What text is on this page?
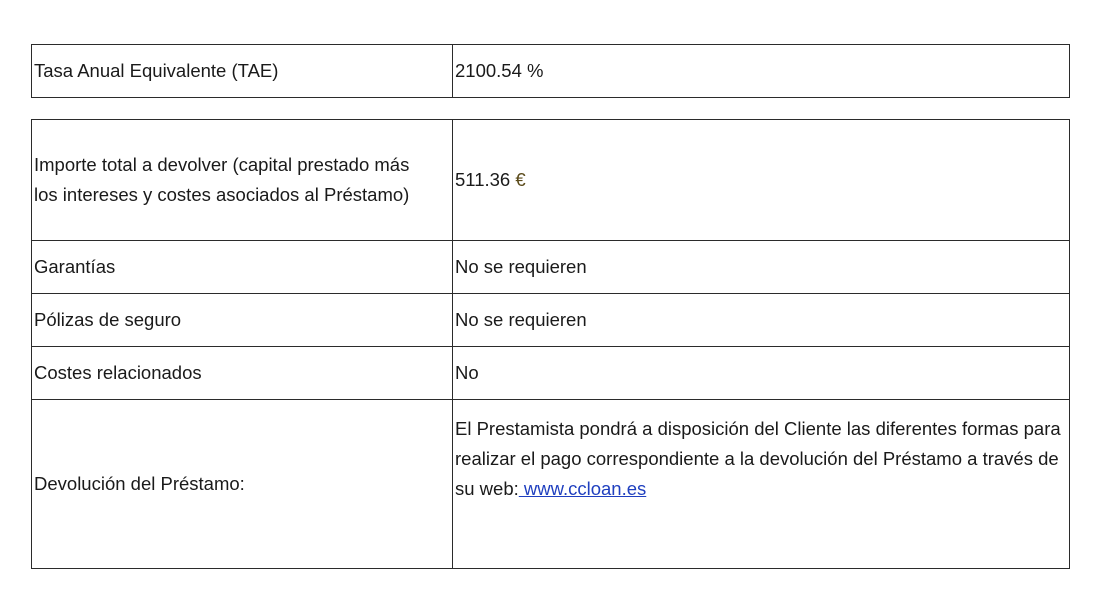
Tasa Anual Equivalente (TAE)	2100.54 %
Importe total a devolver (capital prestado más los intereses y costes asociados al Préstamo)	511.36 €
Garantías	No se requieren
Pólizas de seguro	No se requieren
Costes relacionados	No
Devolución del Préstamo:	El Prestamista pondrá a disposición del Cliente las diferentes formas para realizar el pago correspondiente a la devolución del Préstamo a través de su web: www.ccloan.es
